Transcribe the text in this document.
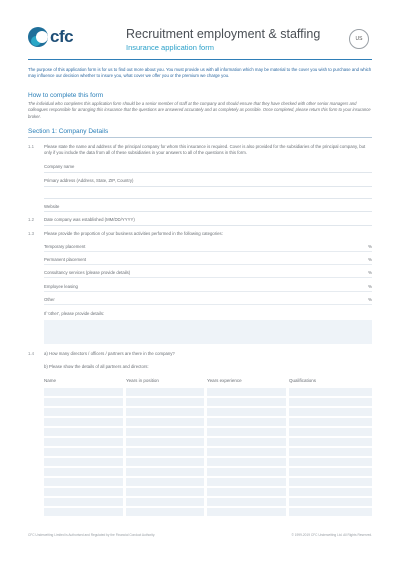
cfc	Recruitment employment & staffing
Insurance application form
US
The purpose of this application form is for us to find out more about you. You must provide us with all information which may be material to the cover you wish to purchase and which may influence our decision whether to insure you, what cover we offer you or the premium we charge you.
How to complete this form
The individual who completes this application form should be a senior member of staff at the company and should ensure that they have checked with other senior managers and colleagues responsible for arranging this insurance that the questions are answered accurately and as completely as possible. Once completed, please return this form to your insurance broker.
Section 1: Company Details
1.1 Please state the name and address of the principal company for whom this insurance is required. Cover is also provided for the subsidiaries of the principal company, but only if you include the data from all of these subsidiaries in your answers to all of the questions in this form.
Company name
Primary address (Address, State, ZIP, Country)
Website
1.2 Date company was established (MM/DD/YYYY)
1.3 Please provide the proportion of your business activities performed in the following categories:
Temporary placement	%
Permanent placement	%
Consultancy services (please provide details)	%
Employee leasing	%
Other	%
If 'other', please provide details:
1.4 a) How many directors / officers / partners are there in the company?
b) Please show the details of all partners and directors:
Name	Years in position	Years experience	Qualifications
CFC Underwriting Limited is Authorised and Regulated by the Financial Conduct Authority.	© 1999-2019 CFC Underwriting Ltd. All Rights Reserved.
